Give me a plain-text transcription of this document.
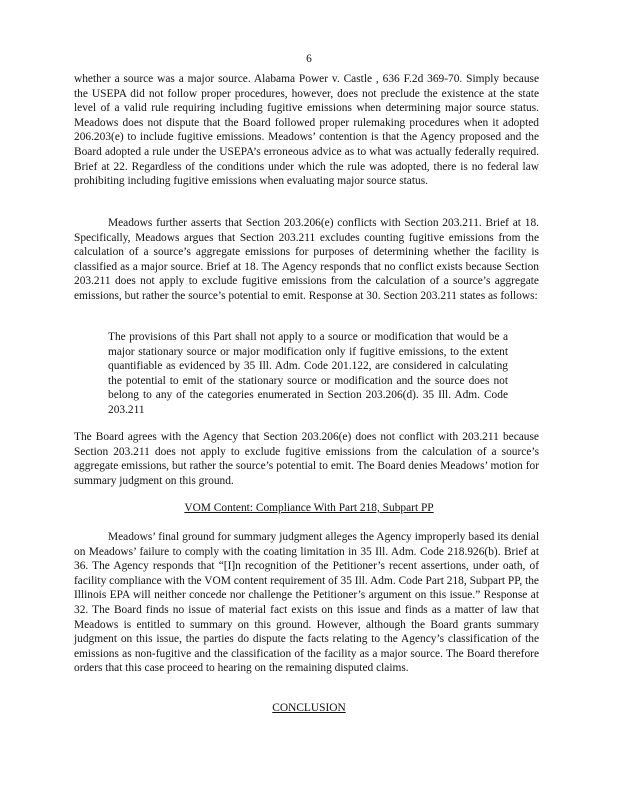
6

whether a source was a major source. Alabama Power v. Castle , 636 F.2d 369-70. Simply because the USEPA did not follow proper procedures, however, does not preclude the existence at the state level of a valid rule requiring including fugitive emissions when determining major source status. Meadows does not dispute that the Board followed proper rulemaking procedures when it adopted 206.203(e) to include fugitive emissions. Meadows’ contention is that the Agency proposed and the Board adopted a rule under the USEPA’s erroneous advice as to what was actually federally required. Brief at 22. Regardless of the conditions under which the rule was adopted, there is no federal law prohibiting including fugitive emissions when evaluating major source status.

Meadows further asserts that Section 203.206(e) conflicts with Section 203.211. Brief at 18. Specifically, Meadows argues that Section 203.211 excludes counting fugitive emissions from the calculation of a source’s aggregate emissions for purposes of determining whether the facility is classified as a major source. Brief at 18. The Agency responds that no conflict exists because Section 203.211 does not apply to exclude fugitive emissions from the calculation of a source’s aggregate emissions, but rather the source’s potential to emit. Response at 30. Section 203.211 states as follows:

The provisions of this Part shall not apply to a source or modification that would be a major stationary source or major modification only if fugitive emissions, to the extent quantifiable as evidenced by 35 Ill. Adm. Code 201.122, are considered in calculating the potential to emit of the stationary source or modification and the source does not belong to any of the categories enumerated in Section 203.206(d). 35 Ill. Adm. Code 203.211

The Board agrees with the Agency that Section 203.206(e) does not conflict with 203.211 because Section 203.211 does not apply to exclude fugitive emissions from the calculation of a source’s aggregate emissions, but rather the source’s potential to emit. The Board denies Meadows’ motion for summary judgment on this ground.

VOM Content: Compliance With Part 218, Subpart PP

Meadows’ final ground for summary judgment alleges the Agency improperly based its denial on Meadows’ failure to comply with the coating limitation in 35 Ill. Adm. Code 218.926(b). Brief at 36. The Agency responds that “[I]n recognition of the Petitioner’s recent assertions, under oath, of facility compliance with the VOM content requirement of 35 Ill. Adm. Code Part 218, Subpart PP, the Illinois EPA will neither concede nor challenge the Petitioner’s argument on this issue.” Response at 32. The Board finds no issue of material fact exists on this issue and finds as a matter of law that Meadows is entitled to summary on this ground. However, although the Board grants summary judgment on this issue, the parties do dispute the facts relating to the Agency’s classification of the emissions as non-fugitive and the classification of the facility as a major source. The Board therefore orders that this case proceed to hearing on the remaining disputed claims.

CONCLUSION
